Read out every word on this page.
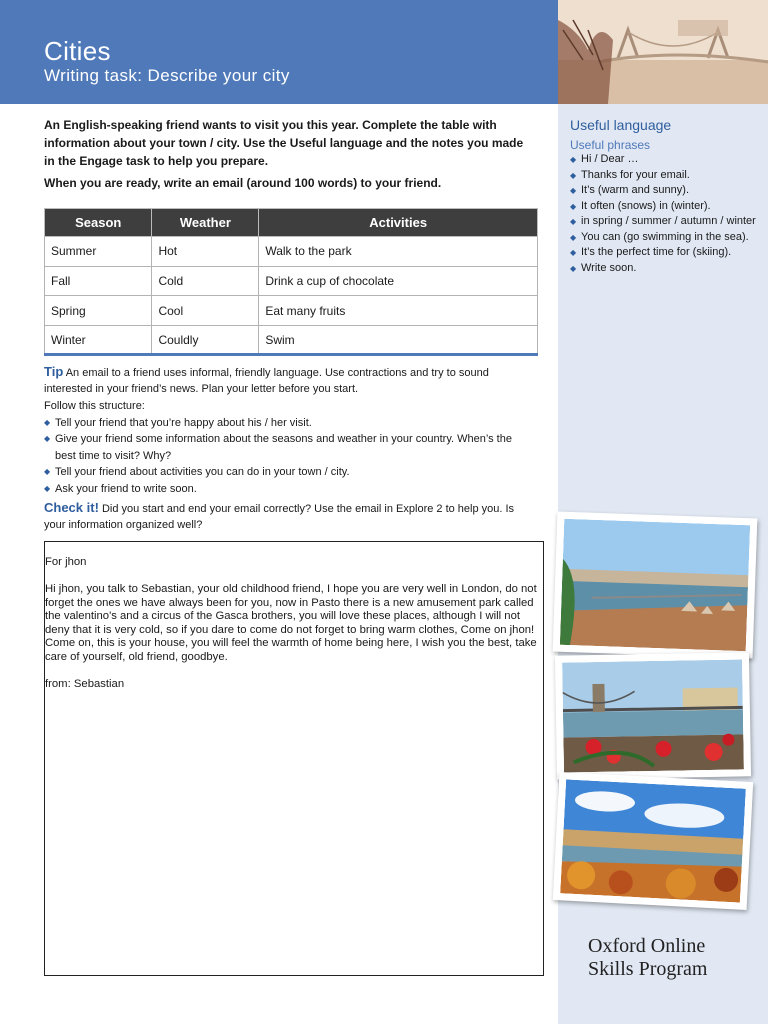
Cities
Writing task: Describe your city
Useful language
Useful phrases
◆ Hi / Dear …
◆ Thanks for your email.
◆ It’s (warm and sunny).
◆ It often (snows) in (winter).
◆ in spring / summer / autumn / winter
◆ You can (go swimming in the sea).
◆ It’s the perfect time for (skiing).
◆ Write soon.
An English-speaking friend wants to visit you this year. Complete the table with information about your town / city. Use the Useful language and the notes you made in the Engage task to help you prepare.
When you are ready, write an email (around 100 words) to your friend.
Season	Weather	Activities
Summer	Hot	Walk to the park
Fall	Cold	Drink a cup of chocolate
Spring	Cool	Eat many fruits
Winter	Couldly	Swim
Tip An email to a friend uses informal, friendly language. Use contractions and try to sound interested in your friend’s news. Plan your letter before you start.
Follow this structure:
◆ Tell your friend that you’re happy about his / her visit.
◆ Give your friend some information about the seasons and weather in your country. When’s the best time to visit? Why?
◆ Tell your friend about activities you can do in your town / city.
◆ Ask your friend to write soon.
Check it! Did you start and end your email correctly? Use the email in Explore 2 to help you. Is your information organized well?

For jhon

Hi jhon, you talk to Sebastian, your old childhood friend, I hope you are very well in London, do not forget the ones we have always been for you, now in Pasto there is a new amusement park called the valentino's and a circus of the Gasca brothers, you will love these places, although I will not deny that it is very cold, so if you dare to come do not forget to bring warm clothes, Come on jhon! Come on, this is your house, you will feel the warmth of home being here, I wish you the best, take care of yourself, old friend, goodbye.

from: Sebastian

Oxford Online
Skills Program
